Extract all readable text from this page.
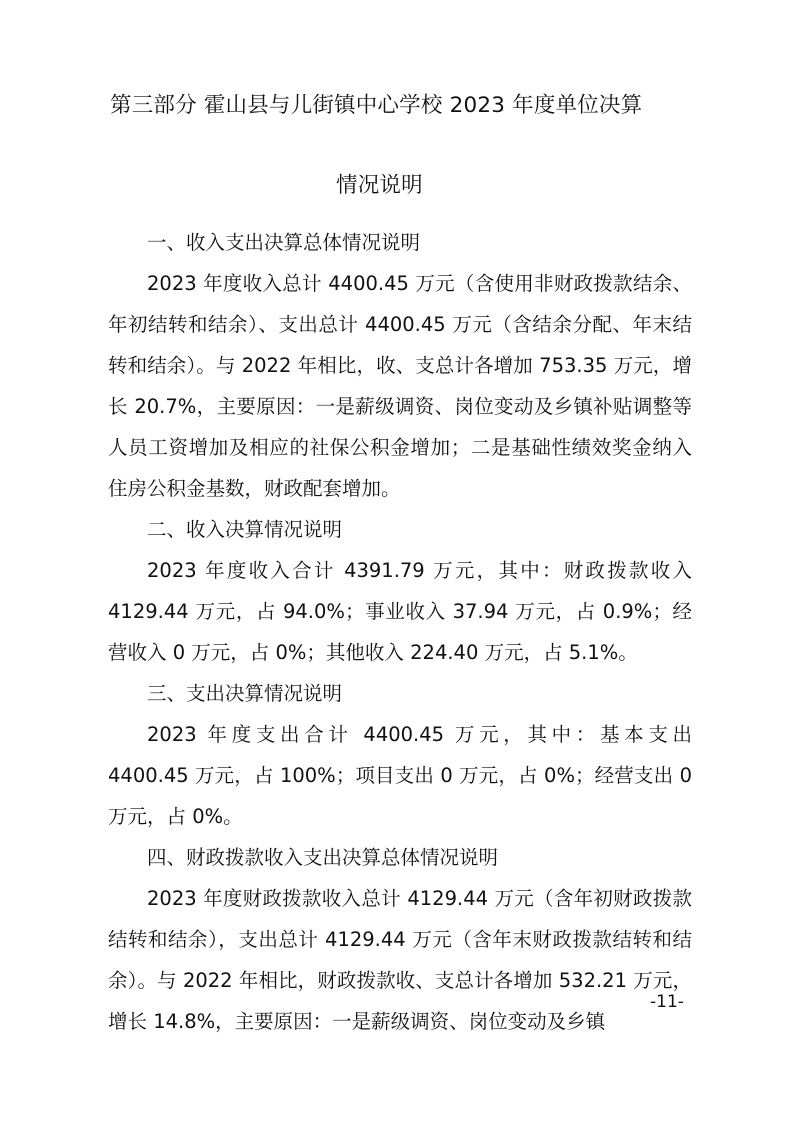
第三部分 霍山县与儿街镇中心学校 2023 年度单位决算
情况说明

一、收入支出决算总体情况说明

2023 年度收入总计 4400.45 万元（含使用非财政拨款结余、年初结转和结余）、支出总计 4400.45 万元（含结余分配、年末结转和结余）。与 2022 年相比，收、支总计各增加 753.35 万元，增长 20.7%，主要原因：一是薪级调资、岗位变动及乡镇补贴调整等人员工资增加及相应的社保公积金增加；二是基础性绩效奖金纳入住房公积金基数，财政配套增加。

二、收入决算情况说明

2023 年度收入合计 4391.79 万元，其中：财政拨款收入 4129.44 万元，占 94.0%；事业收入 37.94 万元，占 0.9%；经营收入 0 万元，占 0%；其他收入 224.40 万元，占 5.1%。

三、支出决算情况说明

2023 年度支出合计 4400.45 万元，其中：基本支出 4400.45 万元，占 100%；项目支出 0 万元，占 0%；经营支出 0 万元，占 0%。

四、财政拨款收入支出决算总体情况说明

2023 年度财政拨款收入总计 4129.44 万元（含年初财政拨款结转和结余），支出总计 4129.44 万元（含年末财政拨款结转和结余）。与 2022 年相比，财政拨款收、支总计各增加 532.21 万元，增长 14.8%，主要原因：一是薪级调资、岗位变动及乡镇

-11-
